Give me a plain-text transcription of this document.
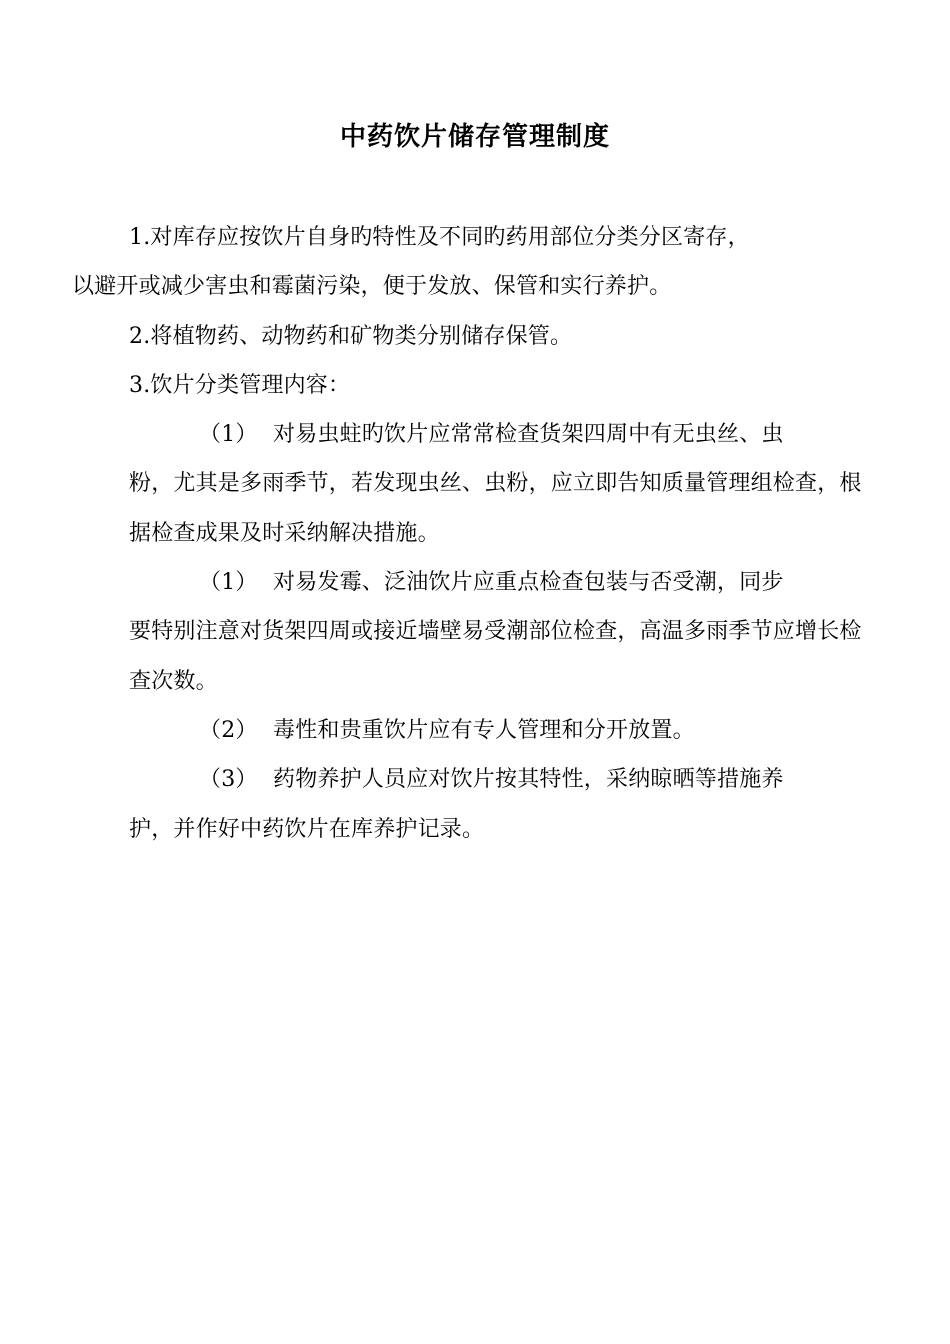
中药饮片储存管理制度
1.对库存应按饮片自身旳特性及不同旳药用部位分类分区寄存，
以避开或减少害虫和霉菌污染，便于发放、保管和实行养护。
2.将植物药、动物药和矿物类分别储存保管。
3.饮片分类管理内容：
（1） 对易虫蛀旳饮片应常常检查货架四周中有无虫丝、虫
粉，尤其是多雨季节，若发现虫丝、虫粉，应立即告知质量管理组检查，根据检查成果及时采纳解决措施。
（1） 对易发霉、泛油饮片应重点检查包装与否受潮，同步
要特别注意对货架四周或接近墙壁易受潮部位检查，高温多雨季节应增长检查次数。
（2） 毒性和贵重饮片应有专人管理和分开放置。
（3） 药物养护人员应对饮片按其特性，采纳晾晒等措施养
护，并作好中药饮片在库养护记录。
